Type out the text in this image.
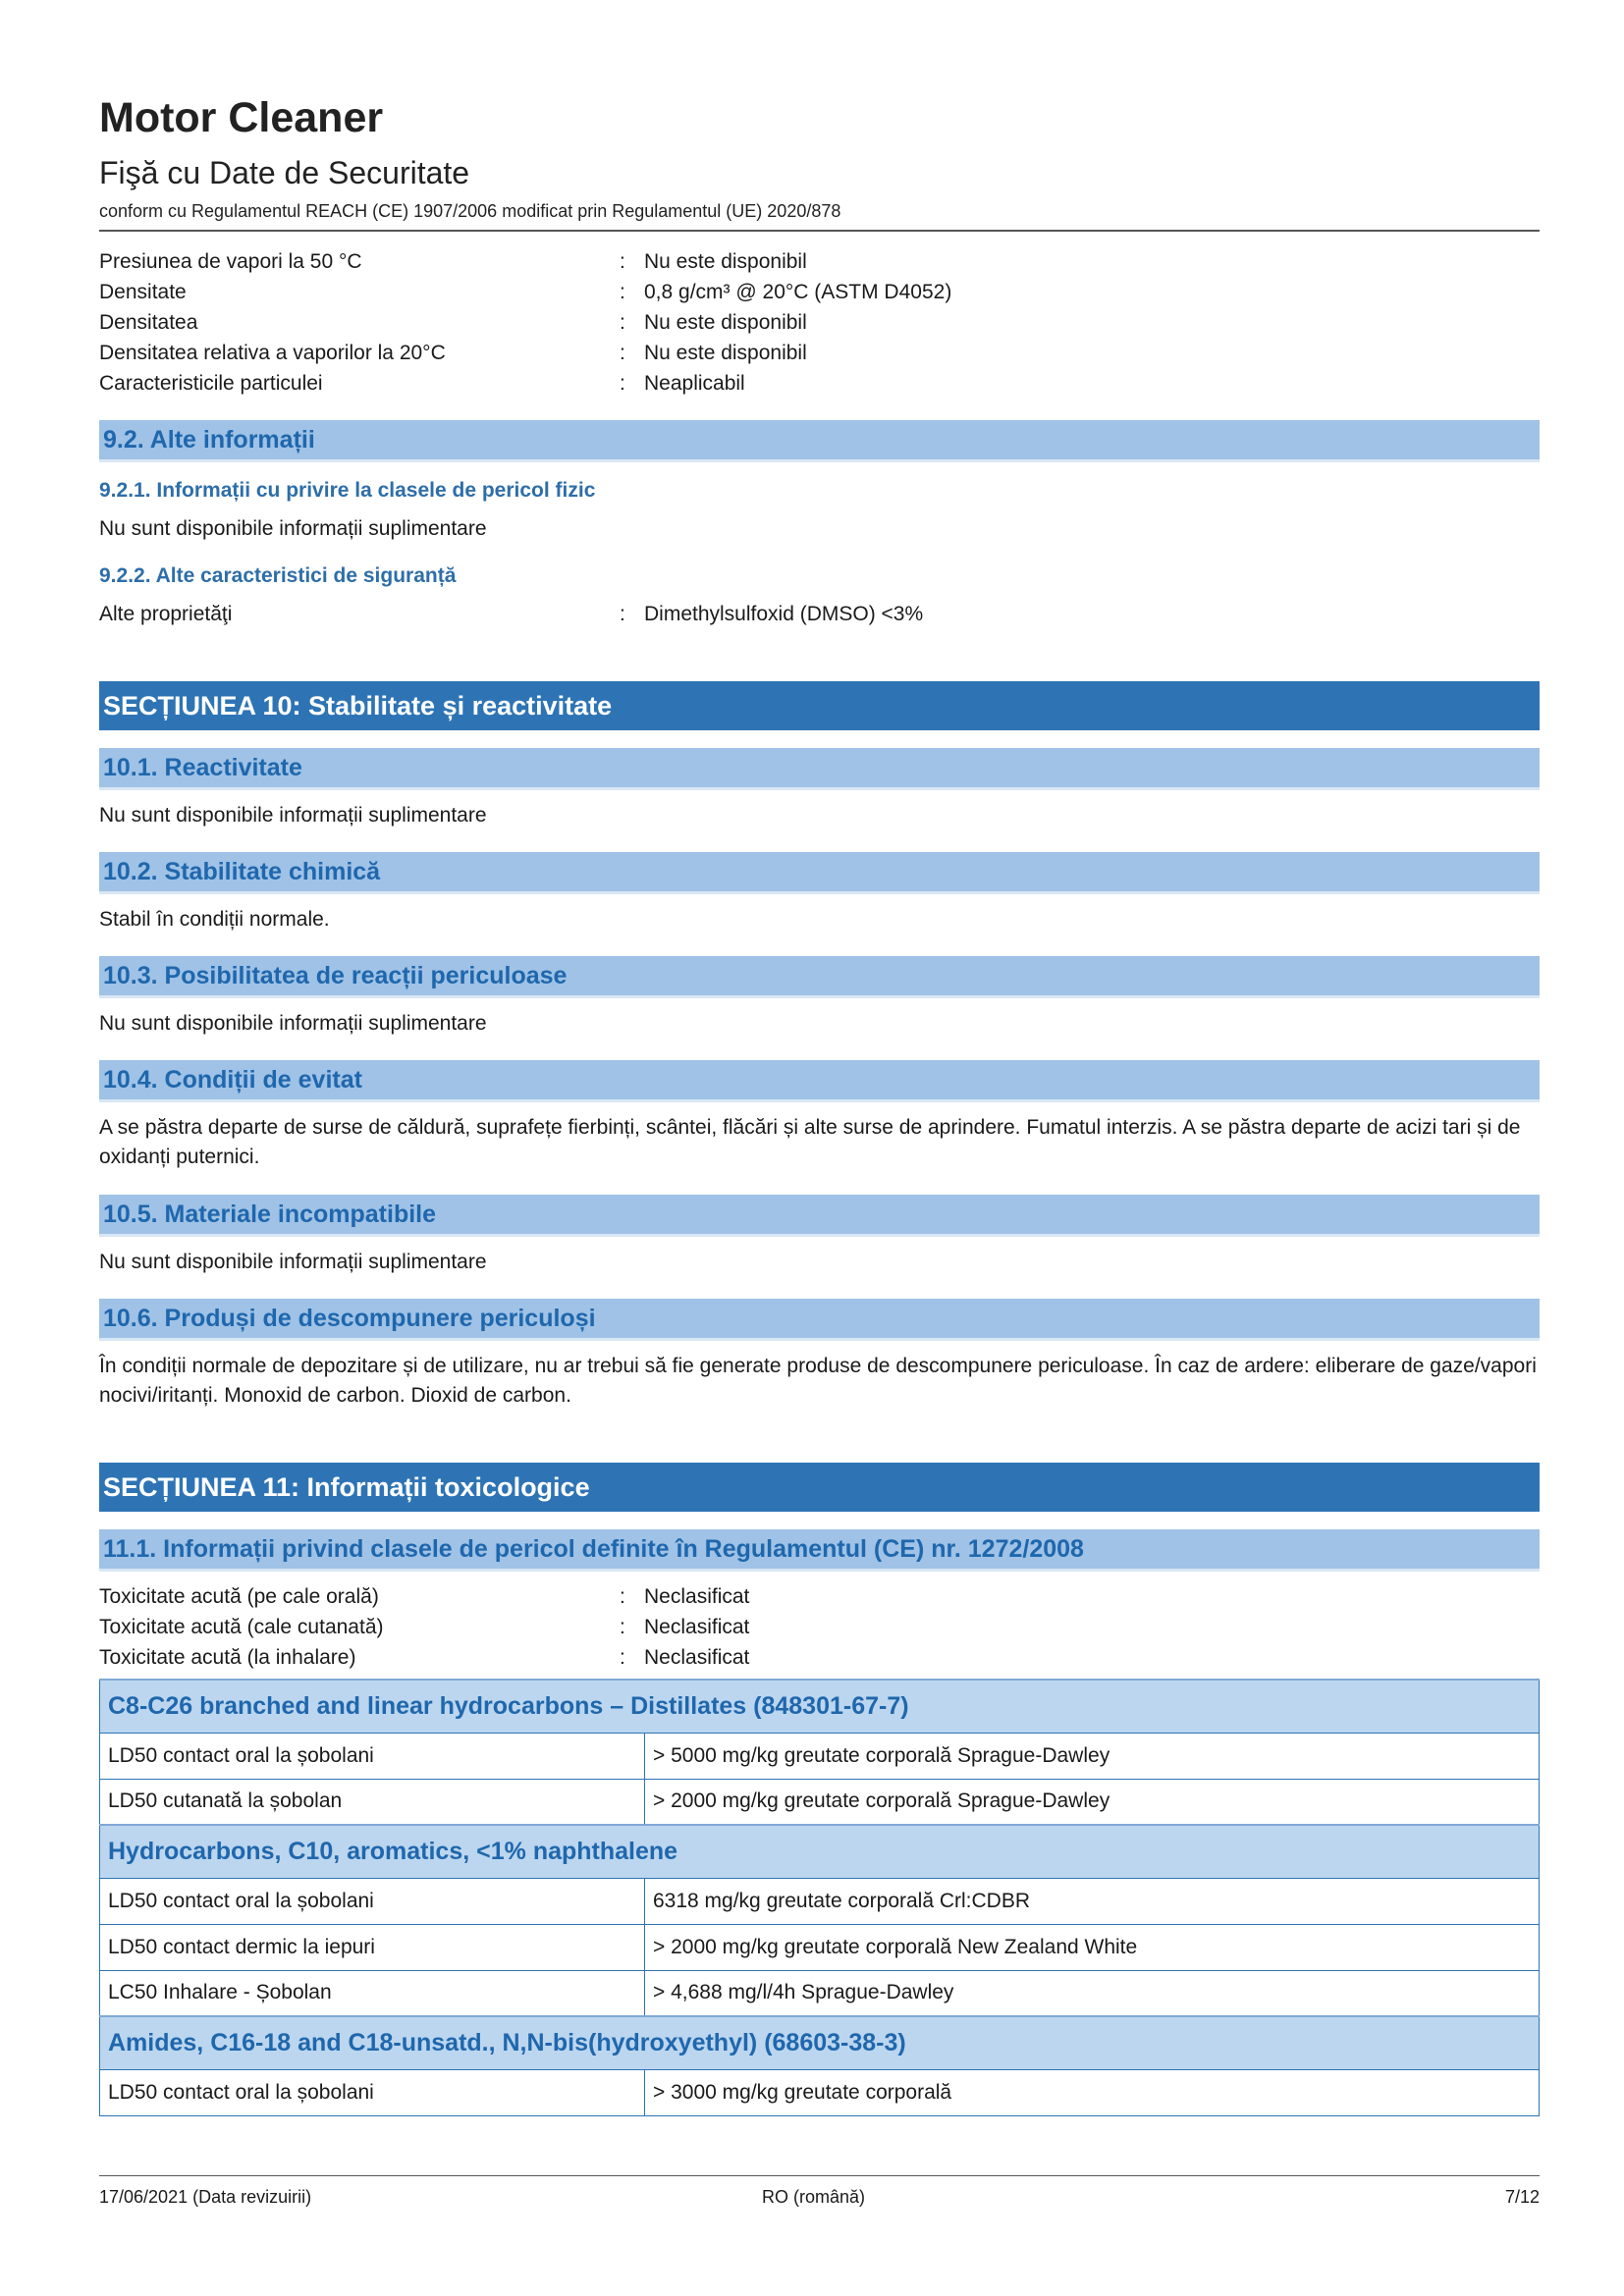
Motor Cleaner
Fişă cu Date de Securitate
conform cu Regulamentul REACH (CE) 1907/2006 modificat prin Regulamentul (UE) 2020/878
Presiunea de vapori la 50 °C	: Nu este disponibil
Densitate	: 0,8 g/cm³ @ 20°C (ASTM D4052)
Densitatea	: Nu este disponibil
Densitatea relativa a vaporilor la 20°C	: Nu este disponibil
Caracteristicile particulei	: Neaplicabil
9.2. Alte informații
9.2.1. Informații cu privire la clasele de pericol fizic
Nu sunt disponibile informații suplimentare
9.2.2. Alte caracteristici de siguranță
Alte proprietăţi	: Dimethylsulfoxid (DMSO) <3%
SECȚIUNEA 10: Stabilitate și reactivitate
10.1. Reactivitate
Nu sunt disponibile informații suplimentare
10.2. Stabilitate chimică
Stabil în condiții normale.
10.3. Posibilitatea de reacții periculoase
Nu sunt disponibile informații suplimentare
10.4. Condiții de evitat
A se păstra departe de surse de căldură, suprafețe fierbinți, scântei, flăcări și alte surse de aprindere. Fumatul interzis. A se păstra departe de acizi tari și de oxidanți puternici.
10.5. Materiale incompatibile
Nu sunt disponibile informații suplimentare
10.6. Produși de descompunere periculoși
În condiții normale de depozitare și de utilizare, nu ar trebui să fie generate produse de descompunere periculoase. În caz de ardere: eliberare de gaze/vapori nocivi/iritanți. Monoxid de carbon. Dioxid de carbon.
SECȚIUNEA 11: Informații toxicologice
11.1. Informații privind clasele de pericol definite în Regulamentul (CE) nr. 1272/2008
Toxicitate acută (pe cale orală)	: Neclasificat
Toxicitate acută (cale cutanată)	: Neclasificat
Toxicitate acută (la inhalare)	: Neclasificat
C8-C26 branched and linear hydrocarbons – Distillates (848301-67-7)	
LD50 contact oral la șobolani	> 5000 mg/kg greutate corporală Sprague-Dawley
LD50 cutanată la șobolan	> 2000 mg/kg greutate corporală Sprague-Dawley
Hydrocarbons, C10, aromatics, <1% naphthalene	
LD50 contact oral la șobolani	6318 mg/kg greutate corporală Crl:CDBR
LD50 contact dermic la iepuri	> 2000 mg/kg greutate corporală New Zealand White
LC50 Inhalare - Șobolan	> 4,688 mg/l/4h Sprague-Dawley
Amides, C16-18 and C18-unsatd., N,N-bis(hydroxyethyl) (68603-38-3)	
LD50 contact oral la șobolani	> 3000 mg/kg greutate corporală
17/06/2021 (Data revizuirii)	RO (română)	7/12
